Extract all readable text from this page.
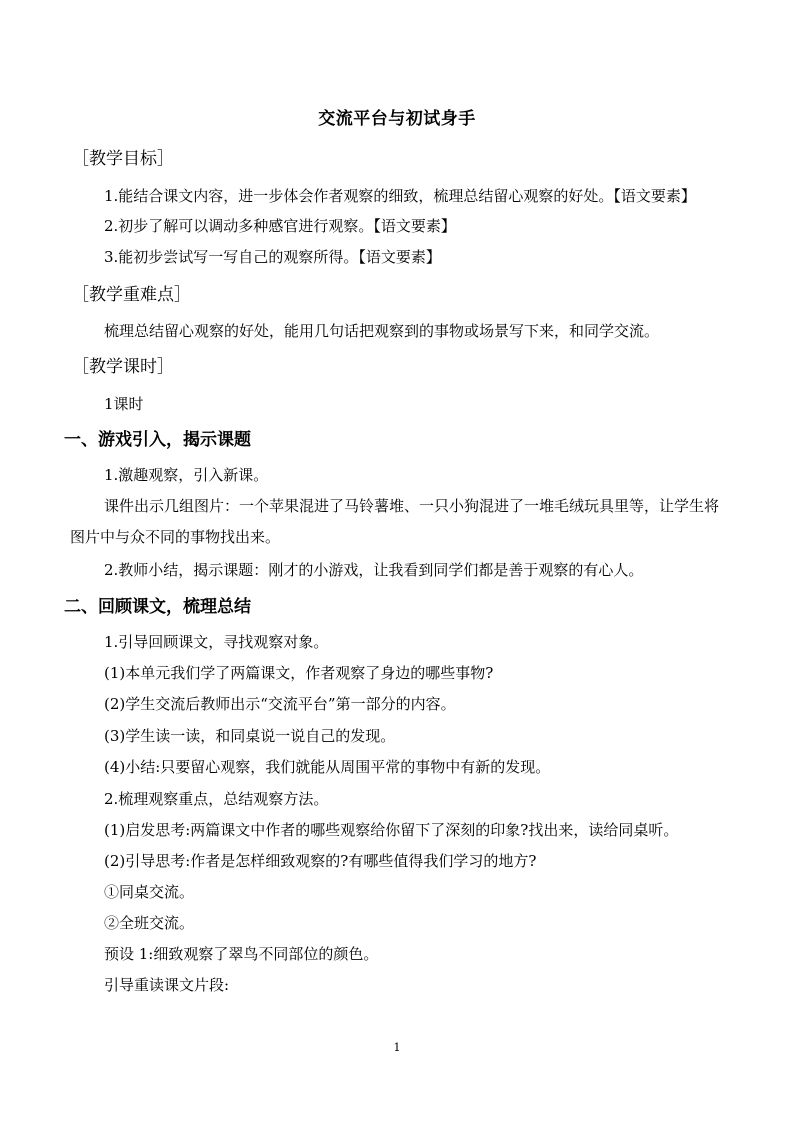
交流平台与初试身手
［教学目标］
1.能结合课文内容，进一步体会作者观察的细致，梳理总结留心观察的好处。【语文要素】
2.初步了解可以调动多种感官进行观察。【语文要素】
3.能初步尝试写一写自己的观察所得。【语文要素】
［教学重难点］
梳理总结留心观察的好处，能用几句话把观察到的事物或场景写下来，和同学交流。
［教学课时］
1课时
一、游戏引入，揭示课题
1.激趣观察，引入新课。
课件出示几组图片：一个苹果混进了马铃薯堆、一只小狗混进了一堆毛绒玩具里等，让学生将图片中与众不同的事物找出来。
2.教师小结，揭示课题：刚才的小游戏，让我看到同学们都是善于观察的有心人。
二、回顾课文，梳理总结
1.引导回顾课文，寻找观察对象。
(1)本单元我们学了两篇课文，作者观察了身边的哪些事物?
(2)学生交流后教师出示“交流平台”第一部分的内容。
(3)学生读一读，和同桌说一说自己的发现。
(4)小结:只要留心观察，我们就能从周围平常的事物中有新的发现。
2.梳理观察重点，总结观察方法。
(1)启发思考:两篇课文中作者的哪些观察给你留下了深刻的印象?找出来，读给同桌听。
(2)引导思考:作者是怎样细致观察的?有哪些值得我们学习的地方?
①同桌交流。
②全班交流。
预设 1:细致观察了翠鸟不同部位的颜色。
引导重读课文片段:
1
